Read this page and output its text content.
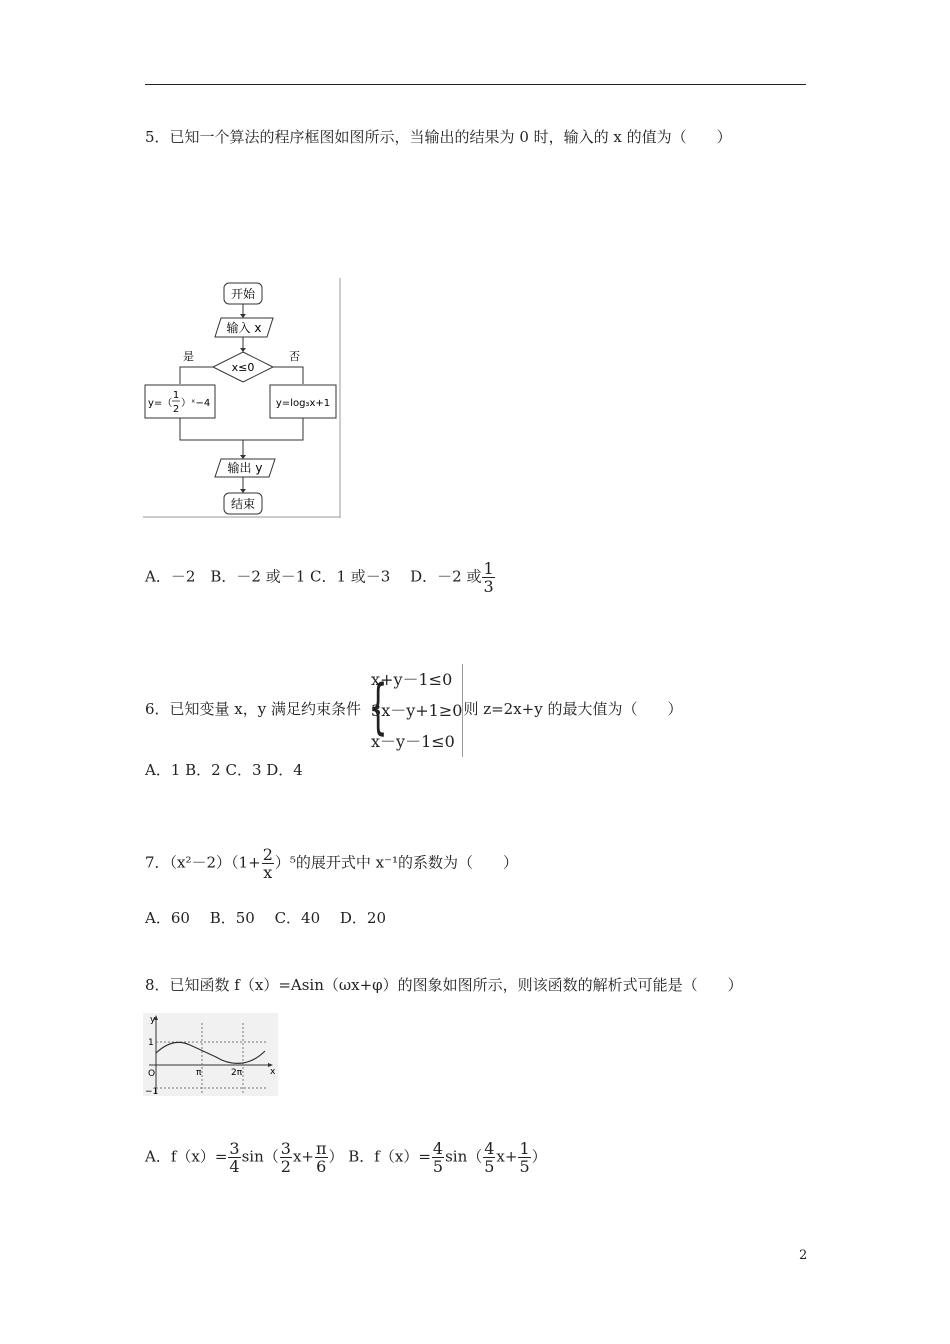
5．已知一个算法的程序框图如图所示，当输出的结果为 0 时，输入的 x 的值为（　　）
开始
输入 x
x≤0
是	否
y=（
1
2
）ˣ−4	y=log₃x+1
输出 y
结束
A．－2　B．－2 或－1 C．1 或－3　 D．－2 或 $\frac{1}{3}$
6．已知变量 x，y 满足约束条件 {
x+y－1≤0
3x－y+1≥0
x－y－1≤0
则 z=2x+y 的最大值为（　　）
A．1 B．2 C．3 D．4
7．$(x^2-2)(1+ \frac{2}{x} )^5$的展开式中 x⁻¹的系数为（　　）
A．60　 B．50　 C．40　 D．20
8．已知函数 f（x）=Asin（ωx+φ）的图象如图所示，则该函数的解析式可能是（　　）
y
x
1
−1
O	π	2π
A．$f(x)= \frac{3}{4} \sin( \frac{3}{2} x+ \frac{\pi}{6}$ ） B．$f(x)= \frac{4}{5} \sin( \frac{4}{5} x+ \frac{1}{5}$ ）
2
